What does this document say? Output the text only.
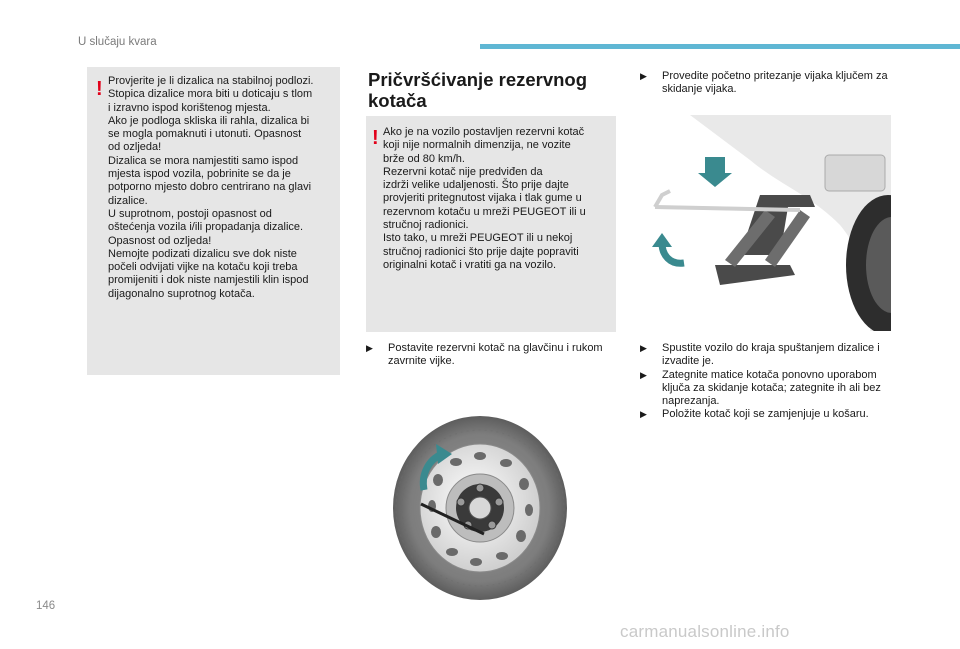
U slučaju kvara
! Provjerite je li dizalica na stabilnoj podlozi.
Stopica dizalice mora biti u doticaju s tlom
i izravno ispod korištenog mjesta.
Ako je podloga skliska ili rahla, dizalica bi
se mogla pomaknuti i utonuti. Opasnost
od ozljeda!
Dizalica se mora namjestiti samo ispod
mjesta ispod vozila, pobrinite se da je
potporno mjesto dobro centrirano na glavi
dizalice.
U suprotnom, postoji opasnost od
oštećenja vozila i/ili propadanja dizalice.
Opasnost od ozljeda!
Nemojte podizati dizalicu sve dok niste
počeli odvijati vijke na kotaču koji treba
promijeniti i dok niste namjestili klin ispod
dijagonalno suprotnog kotača.

Pričvršćivanje rezervnog kotača
! Ako je na vozilo postavljen rezervni kotač
koji nije normalnih dimenzija, ne vozite
brže od 80 km/h.
Rezervni kotač nije predviđen da
izdrži velike udaljenosti. Što prije dajte
provjeriti pritegnutost vijaka i tlak gume u
rezervnom kotaču u mreži PEUGEOT ili u
stručnoj radionici.
Isto tako, u mreži PEUGEOT ili u nekoj
stručnoj radionici što prije dajte popraviti
originalni kotač i vratiti ga na vozilo.

▶ Postavite rezervni kotač na glavčinu i rukom zavrnite vijke.
▶ Provedite početno pritezanje vijaka ključem za skidanje vijaka.
▶ Spustite vozilo do kraja spuštanjem dizalice i izvadite je.
▶ Zategnite matice kotača ponovno uporabom ključa za skidanje kotača; zategnite ih ali bez naprezanja.
▶ Položite kotač koji se zamjenjuje u košaru.
146
carmanualsonline.info
